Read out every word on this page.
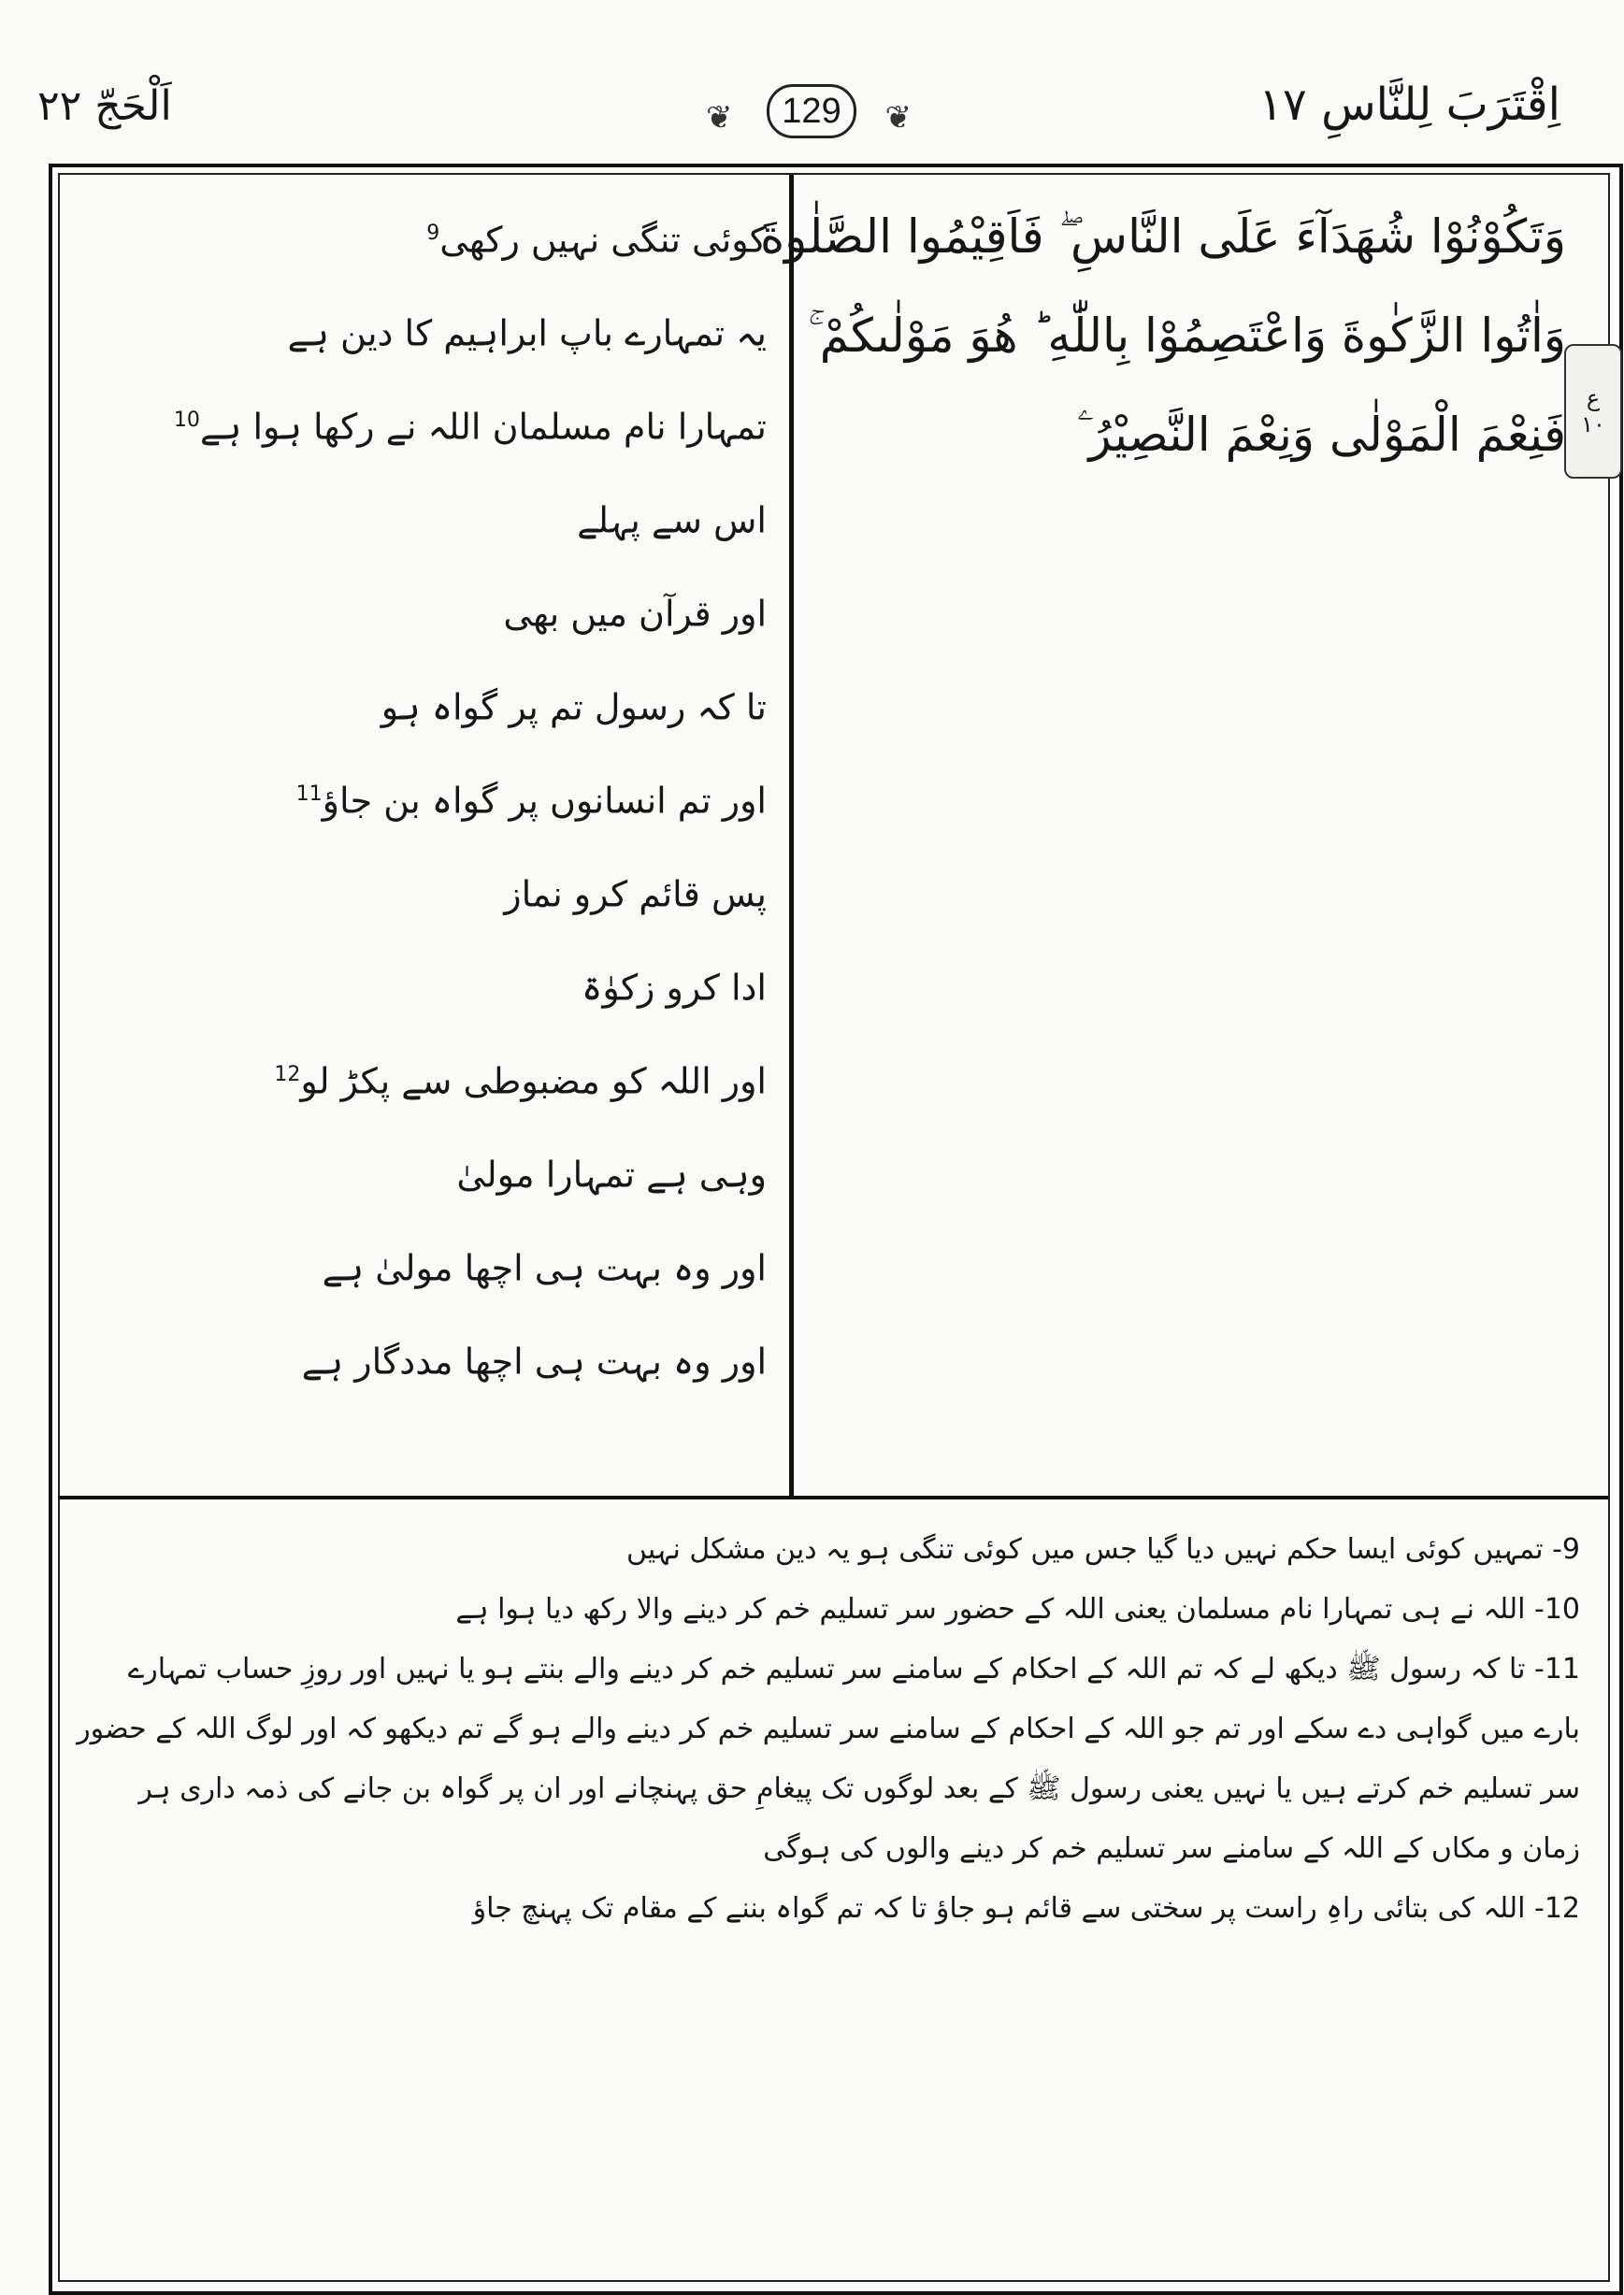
اِقْتَرَبَ لِلنَّاسِ ١٧
❦	129	❦
اَلْحَجّ ٢٢
ع
١٠
وَتَكُوْنُوْا شُهَدَآءَ عَلَى النَّاسِ ۖ فَاَقِيْمُوا الصَّلٰوةَ
وَاٰتُوا الزَّكٰوةَ وَاعْتَصِمُوْا بِاللّٰهِ ؕ هُوَ مَوْلٰىكُمْ ۚ
فَنِعْمَ الْمَوْلٰى وَنِعْمَ النَّصِيْرُ ۧ
کوئی تنگی نہیں رکھی$^9$
یہ تمہارے باپ ابراہیم کا دین ہے
تمہارا نام مسلمان اللہ نے رکھا ہوا ہے$^{10}$
اس سے پہلے
اور قرآن میں بھی
تا کہ رسول تم پر گواہ ہو
اور تم انسانوں پر گواہ بن جاؤ$^{11}$
پس قائم کرو نماز
ادا کرو زکوٰۃ
اور اللہ کو مضبوطی سے پکڑ لو$^{12}$
وہی ہے تمہارا مولیٰ
اور وہ بہت ہی اچھا مولیٰ ہے
اور وہ بہت ہی اچھا مددگار ہے
9- تمہیں کوئی ایسا حکم نہیں دیا گیا جس میں کوئی تنگی ہو یہ دین مشکل نہیں
10- اللہ نے ہی تمہارا نام مسلمان یعنی اللہ کے حضور سر تسلیم خم کر دینے والا رکھ دیا ہوا ہے
11- تا کہ رسول ﷺ دیکھ لے کہ تم اللہ کے احکام کے سامنے سر تسلیم خم کر دینے والے بنتے ہو یا نہیں اور روزِ حساب تمہارے بارے میں گواہی دے سکے اور تم جو اللہ کے احکام کے سامنے سر تسلیم خم کر دینے والے ہو گے تم دیکھو کہ اور لوگ اللہ کے حضور سر تسلیم خم کرتے ہیں یا نہیں یعنی رسول ﷺ کے بعد لوگوں تک پیغامِ حق پہنچانے اور ان پر گواہ بن جانے کی ذمہ داری ہر زمان و مکاں کے اللہ کے سامنے سر تسلیم خم کر دینے والوں کی ہوگی
12- اللہ کی بتائی راہِ راست پر سختی سے قائم ہو جاؤ تا کہ تم گواہ بننے کے مقام تک پہنچ جاؤ
